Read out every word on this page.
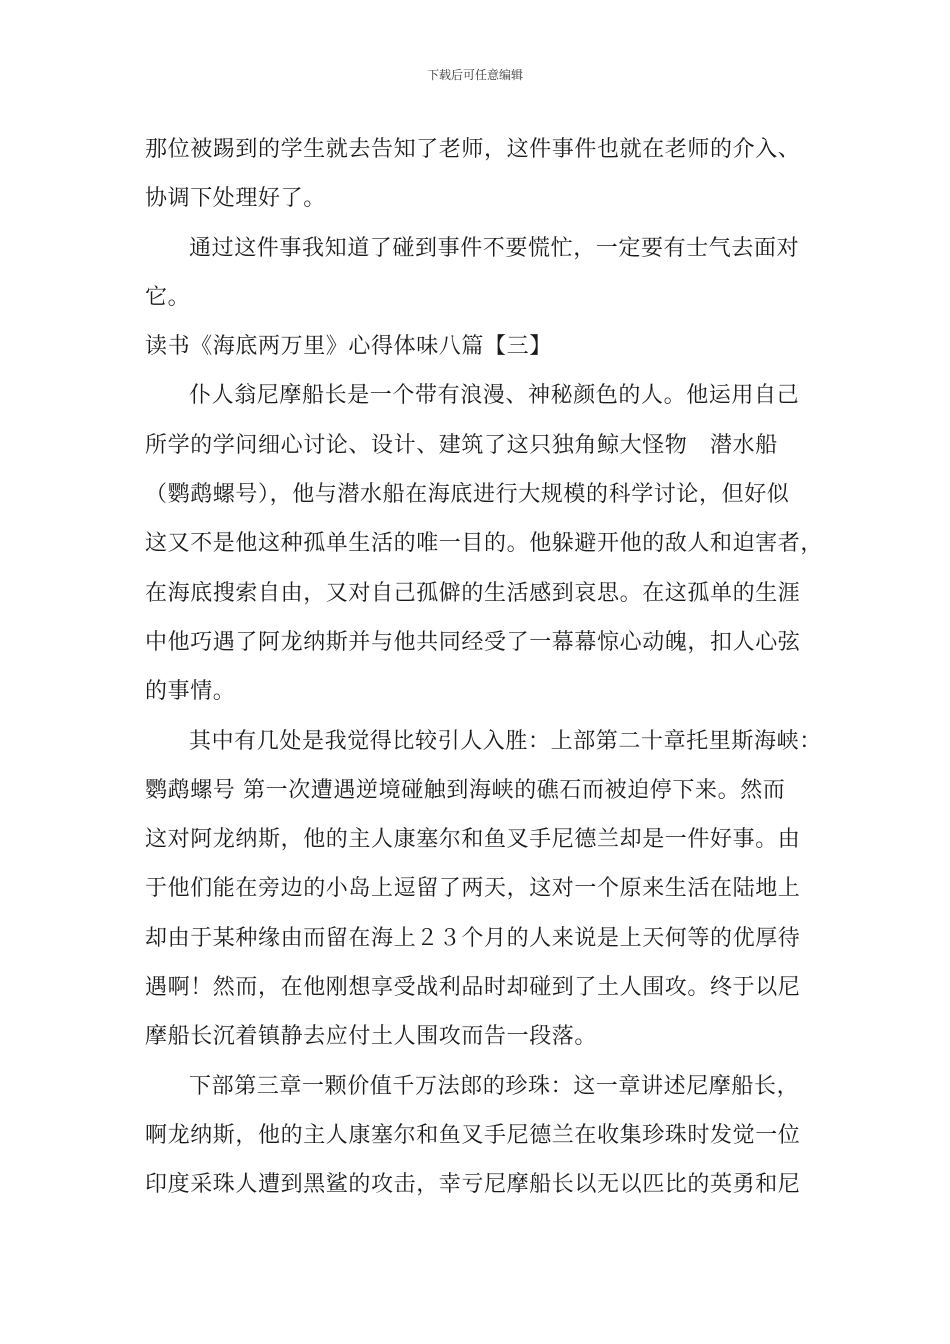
下载后可任意编辑
那位被踢到的学生就去告知了老师，这件事件也就在老师的介入、
协调下处理好了。
通过这件事我知道了碰到事件不要慌忙，一定要有士气去面对
它。
读书《海底两万里》心得体味八篇【三】
仆人翁尼摩船长是一个带有浪漫、神秘颜色的人。他运用自己
所学的学问细心讨论、设计、建筑了这只独角鲸大怪物　潜水船
（鹦鹉螺号），他与潜水船在海底进行大规模的科学讨论，但好似
这又不是他这种孤单生活的唯一目的。他躲避开他的敌人和迫害者，
在海底搜索自由，又对自己孤僻的生活感到哀思。在这孤单的生涯
中他巧遇了阿龙纳斯并与他共同经受了一幕幕惊心动魄，扣人心弦
的事情。
其中有几处是我觉得比较引人入胜：上部第二十章托里斯海峡：
鹦鹉螺号 第一次遭遇逆境碰触到海峡的礁石而被迫停下来。然而
这对阿龙纳斯，他的主人康塞尔和鱼叉手尼德兰却是一件好事。由
于他们能在旁边的小岛上逗留了两天，这对一个原来生活在陆地上
却由于某种缘由而留在海上２３个月的人来说是上天何等的优厚待
遇啊！然而，在他刚想享受战利品时却碰到了土人围攻。终于以尼
摩船长沉着镇静去应付土人围攻而告一段落。
下部第三章一颗价值千万法郎的珍珠：这一章讲述尼摩船长，
啊龙纳斯，他的主人康塞尔和鱼叉手尼德兰在收集珍珠时发觉一位
印度采珠人遭到黑鲨的攻击，幸亏尼摩船长以无以匹比的英勇和尼
